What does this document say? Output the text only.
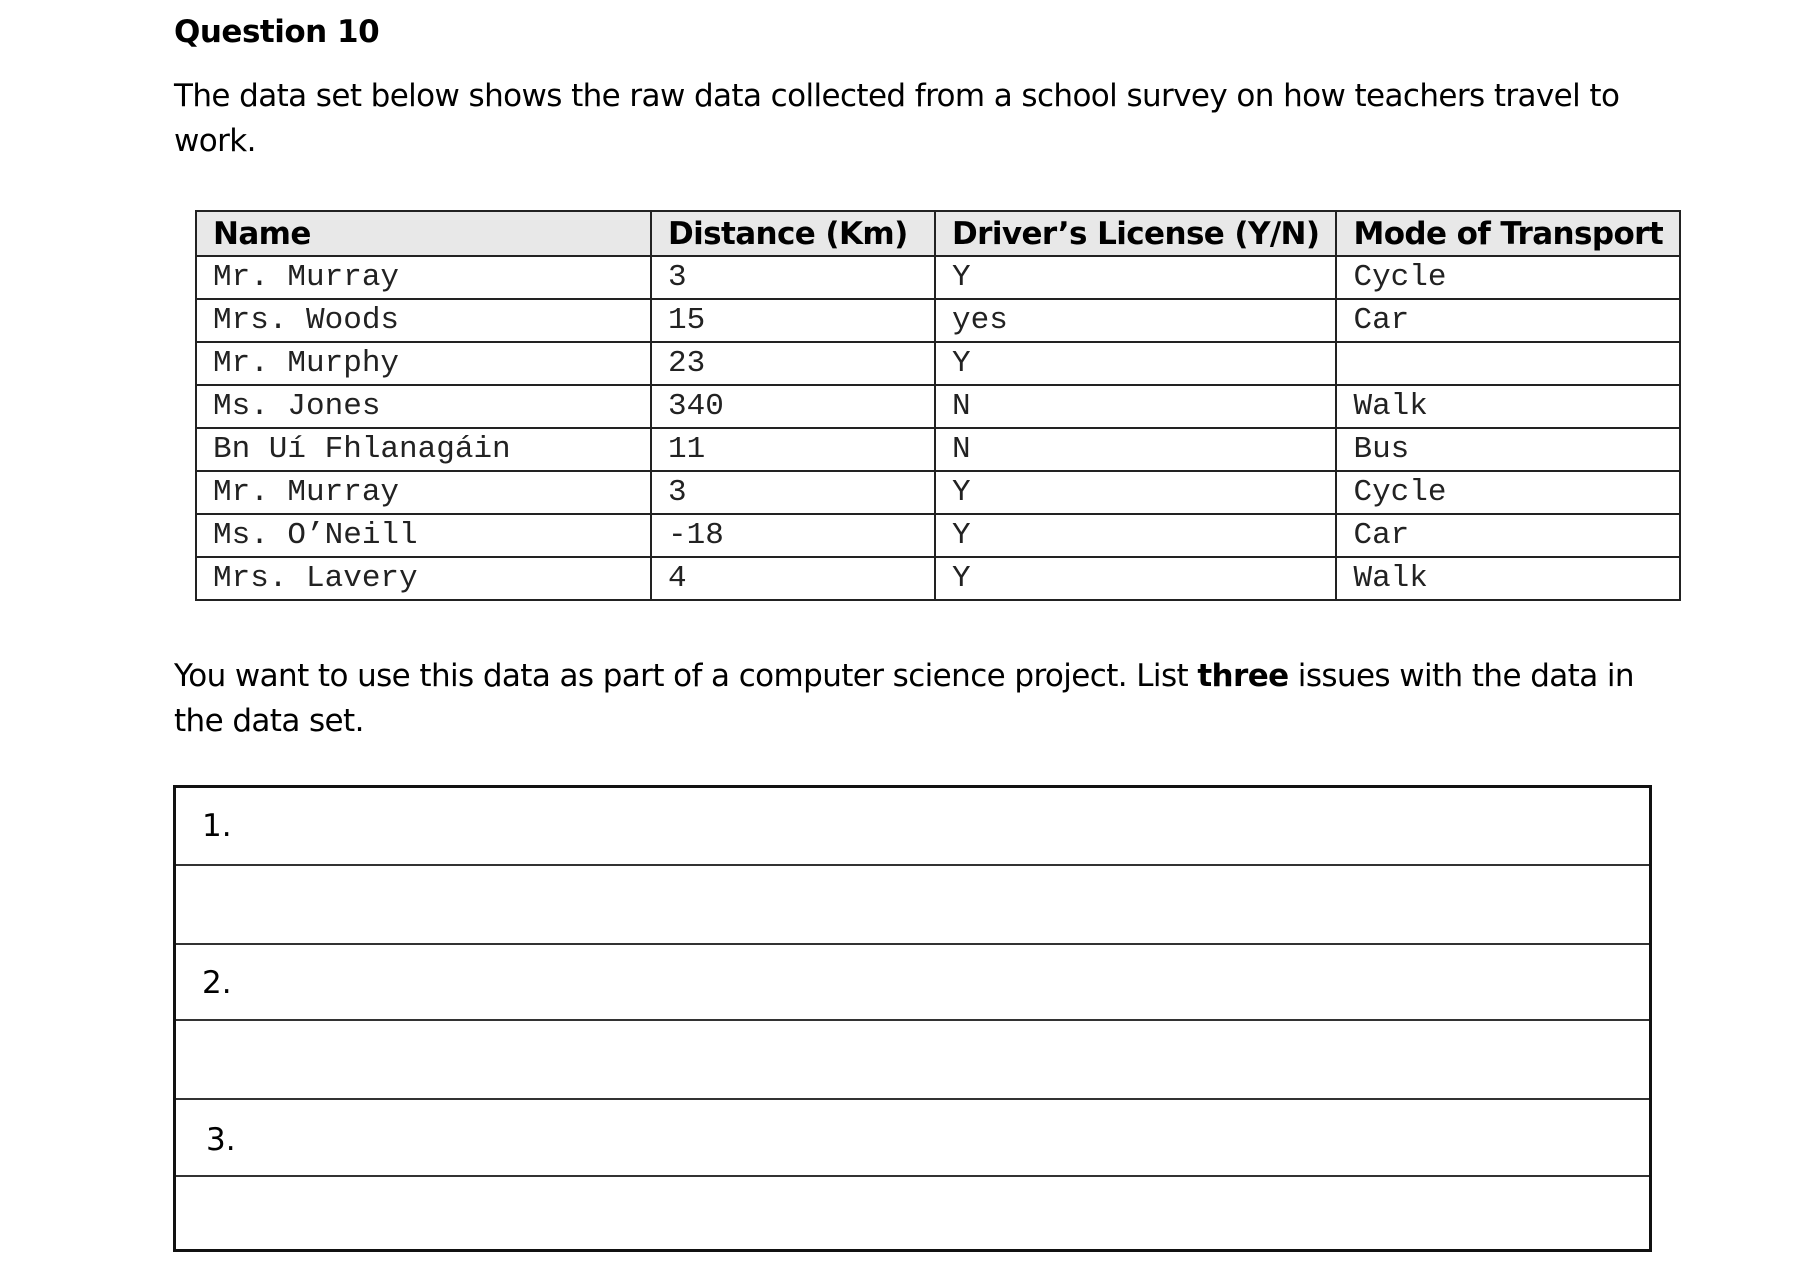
Question 10
The data set below shows the raw data collected from a school survey on how teachers travel to work.
Name	Distance (Km)	Driver’s License (Y/N)	Mode of Transport
Mr. Murray	3	Y	Cycle
Mrs. Woods	15	yes	Car
Mr. Murphy	23	Y	
Ms. Jones	340	N	Walk
Bn Uí Fhlanagáin	11	N	Bus
Mr. Murray	3	Y	Cycle
Ms. O’Neill	-18	Y	Car
Mrs. Lavery	4	Y	Walk
You want to use this data as part of a computer science project. List three issues with the data in the data set.
1.
2.
3.
